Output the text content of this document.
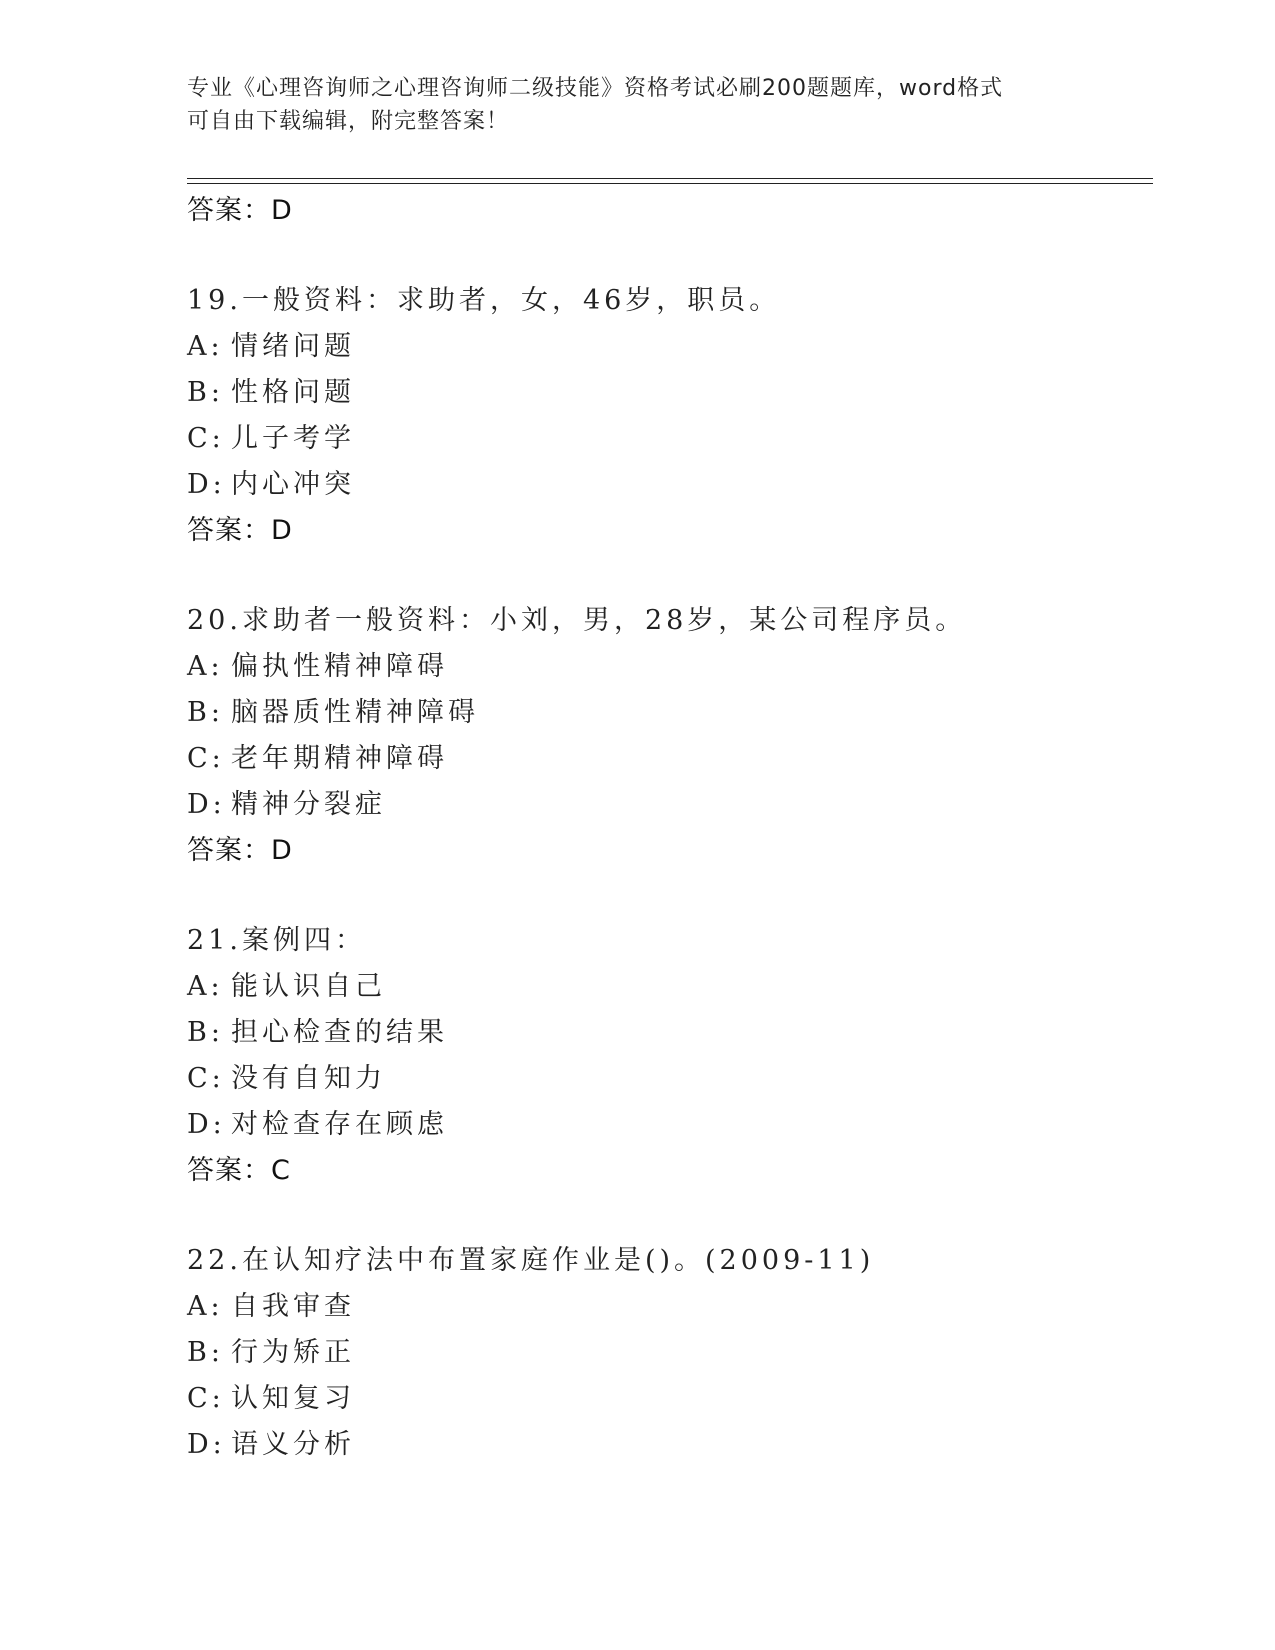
专业《心理咨询师之心理咨询师二级技能》资格考试必刷200题题库，word格式
可自由下载编辑，附完整答案！
答案：D
19.一般资料：求助者，女，46岁，职员。
A: 情绪问题
B: 性格问题
C: 儿子考学
D: 内心冲突
答案：D
20.求助者一般资料：小刘，男，28岁，某公司程序员。
A: 偏执性精神障碍
B: 脑器质性精神障碍
C: 老年期精神障碍
D: 精神分裂症
答案：D
21.案例四：
A: 能认识自己
B: 担心检查的结果
C: 没有自知力
D: 对检查存在顾虑
答案：C
22.在认知疗法中布置家庭作业是()。(2009-11)
A: 自我审查
B: 行为矫正
C: 认知复习
D: 语义分析
